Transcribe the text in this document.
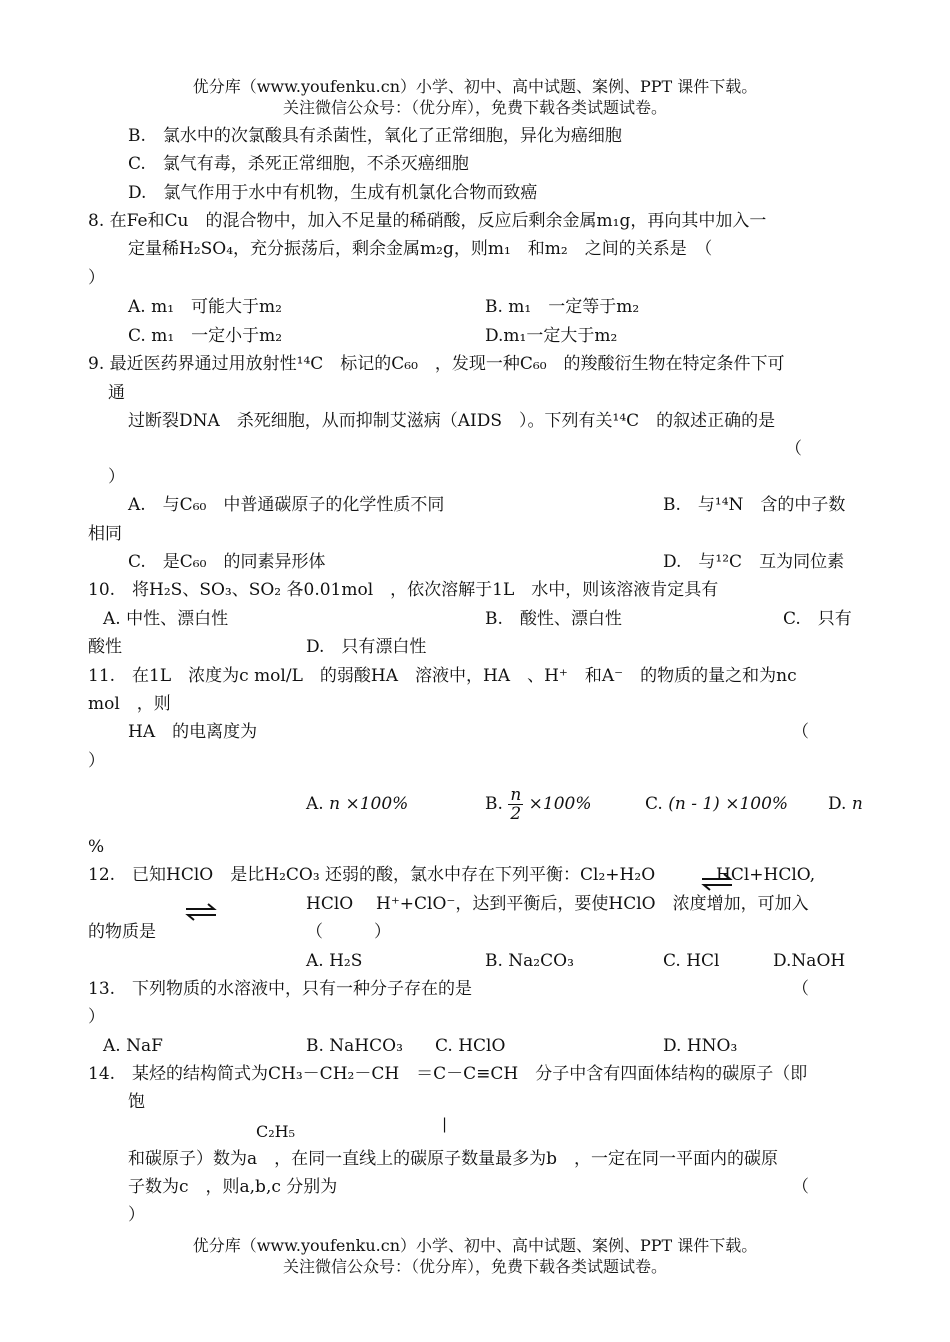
优分库（www.youfenku.cn）小学、初中、高中试题、案例、PPT 课件下载。
关注微信公众号：（优分库），免费下载各类试题试卷。
B.　氯水中的次氯酸具有杀菌性，氧化了正常细胞，异化为癌细胞
C.　氯气有毒，杀死正常细胞，不杀灭癌细胞
D.　氯气作用于水中有机物，生成有机氯化合物而致癌
8. 在Fe和Cu　的混合物中，加入不足量的稀硝酸，反应后剩余金属m₁g，再向其中加入一
定量稀H₂SO₄，充分振荡后，剩余金属m₂g，则m₁　和m₂　之间的关系是　（
）
A. m₁　可能大于m₂	B. m₁　一定等于m₂
C. m₁　一定小于m₂	D.m₁一定大于m₂
9. 最近医药界通过用放射性¹⁴C　标记的C₆₀　，发现一种C₆₀　的羧酸衍生物在特定条件下可
通
过断裂DNA　杀死细胞，从而抑制艾滋病（AIDS　）。下列有关¹⁴C　的叙述正确的是
（
）
A.　与C₆₀　中普通碳原子的化学性质不同	B.　与¹⁴N　含的中子数
相同
C.　是C₆₀　的同素异形体	D.　与¹²C　互为同位素
10.　将H₂S、SO₃、SO₂ 各0.01mol　，依次溶解于1L　水中，则该溶液肯定具有
A. 中性、漂白性	B.　酸性、漂白性	C.　只有
酸性	D.　只有漂白性
11.　在1L　浓度为c mol/L　的弱酸HA　溶液中，HA　、H⁺　和A⁻　的物质的量之和为nc
mol　，则
HA　的电离度为	（
）
A. n ×100%	B. $\frac{n}{2} \times 100\%$	C. (n - 1) ×100% D. n
%
12.　已知HClO　是比H₂CO₃ 还弱的酸，氯水中存在下列平衡：Cl₂+H₂O	HCl+HClO,
HClO H⁺+ClO⁻，达到平衡后，要使HClO　浓度增加，可加入
的物质是	（　　　）
A. H₂S	B. Na₂CO₃	C. HCl	D.NaOH
13.　下列物质的水溶液中，只有一种分子存在的是	（
）
A. NaF	B. NaHCO₃ C. HClO	D. HNO₃
14.　某烃的结构简式为CH₃－CH₂－CH　＝C－C≡CH　分子中含有四面体结构的碳原子（即
饱
|
C₂H₅
和碳原子）数为a　，在同一直线上的碳原子数量最多为b　，一定在同一平面内的碳原
子数为c　，则a,b,c 分别为	（
）
优分库（www.youfenku.cn）小学、初中、高中试题、案例、PPT 课件下载。
关注微信公众号：（优分库），免费下载各类试题试卷。
